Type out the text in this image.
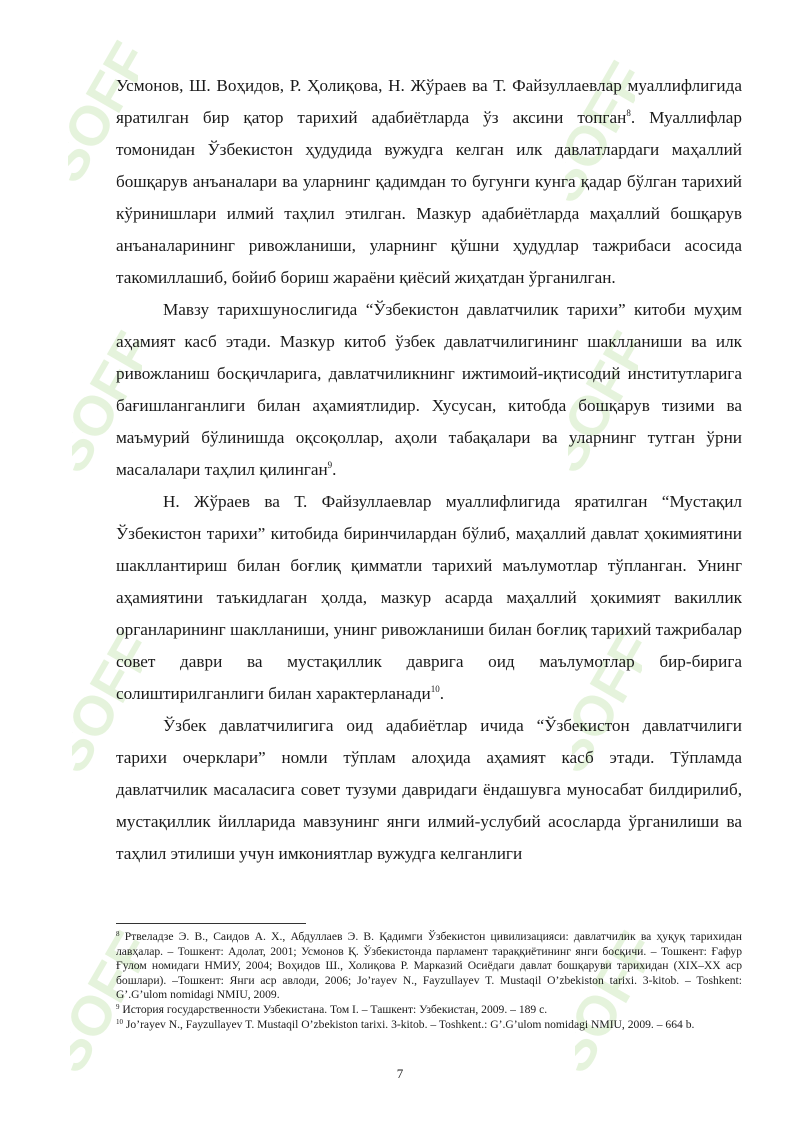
SOFF
SOFF
SOFF
SOFF
SOFF
SOFF
SOFF
SOFF

Усмонов, Ш. Воҳидов, Р. Ҳолиқова, Н. Жўраев ва Т. Файзуллаевлар муаллифлигида яратилган бир қатор тарихий адабиётларда ўз аксини топган$^8$. Муаллифлар томонидан Ўзбекистон ҳудудида вужудга келган илк давлатлардаги маҳаллий бошқарув анъаналари ва уларнинг қадимдан то бугунги кунга қадар бўлган тарихий кўринишлари илмий таҳлил этилган. Мазкур адабиётларда маҳаллий бошқарув анъаналарининг ривожланиши, уларнинг қўшни ҳудудлар тажрибаси асосида такомиллашиб, бойиб бориш жараёни қиёсий жиҳатдан ўрганилган.

Мавзу тарихшунослигида “Ўзбекистон давлатчилик тарихи” китоби муҳим аҳамият касб этади. Мазкур китоб ўзбек давлатчилигининг шаклланиши ва илк ривожланиш босқичларига, давлатчиликнинг ижтимоий-иқтисодий институтларига бағишланганлиги билан аҳамиятлидир. Хусусан, китобда бошқарув тизими ва маъмурий бўлинишда оқсоқоллар, аҳоли табақалари ва уларнинг тутган ўрни масалалари таҳлил қилинган$^9$.

Н. Жўраев ва Т. Файзуллаевлар муаллифлигида яратилган “Мустақил Ўзбекистон тарихи” китобида биринчилардан бўлиб, маҳаллий давлат ҳокимиятини шакллантириш билан боғлиқ қимматли тарихий маълумотлар тўпланган. Унинг аҳамиятини таъкидлаган ҳолда, мазкур асарда маҳаллий ҳокимият вакиллик органларининг шаклланиши, унинг ривожланиши билан боғлиқ тарихий тажрибалар совет даври ва мустақиллик даврига оид маълумотлар бир-бирига солиштирилганлиги билан характерланади$^{10}$.

Ўзбек давлатчилигига оид адабиётлар ичида “Ўзбекистон давлатчилиги тарихи очерклари” номли тўплам алоҳида аҳамият касб этади. Тўпламда давлатчилик масаласига совет тузуми давридаги ёндашувга муносабат билдирилиб, мустақиллик йилларида мавзунинг янги илмий-услубий асосларда ўрганилиши ва таҳлил этилиши учун имкониятлар вужудга келганлиги

$^8$ Ртвеладзе Э. В., Саидов А. Х., Абдуллаев Э. В. Қадимги Ўзбекистон цивилизацияси: давлатчилик ва ҳуқуқ тарихидан лавҳалар. – Тошкент: Адолат, 2001; Усмонов Қ. Ўзбекистонда парламент тараққиётининг янги босқичи. – Тошкент: Ғафур Ғулом номидаги НМИУ, 2004; Воҳидов Ш., Холиқова Р. Марказий Осиёдаги давлат бошқаруви тарихидан (XIX–XX аср бошлари). –Тошкент: Янги аср авлоди, 2006; Jo’rayev N., Fayzullayev T. Mustaqil O’zbekiston tarixi. 3-kitob. – Toshkent: G’.G’ulom nomidagi NMIU, 2009.

$^9$ История государственности Узбекистана. Том I. – Ташкент: Узбекистан, 2009. – 189 с.

$^{10}$ Jo’rayev N., Fayzullayev T. Mustaqil O’zbekiston tarixi. 3-kitob. – Toshkent.: G’.G’ulom nomidagi NMIU, 2009. – 664 b.

7
